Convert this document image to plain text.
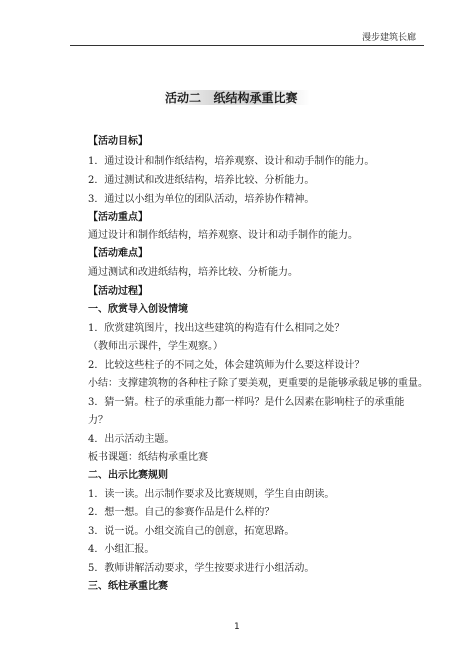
漫步建筑长廊
活动二   纸结构承重比赛
【活动目标】
1．通过设计和制作纸结构，培养观察、设计和动手制作的能力。
2．通过测试和改进纸结构，培养比较、分析能力。
3．通过以小组为单位的团队活动，培养协作精神。
【活动重点】
通过设计和制作纸结构，培养观察、设计和动手制作的能力。
【活动难点】
通过测试和改进纸结构，培养比较、分析能力。
【活动过程】
一、欣赏导入创设情境
1．欣赏建筑图片，找出这些建筑的构造有什么相同之处？
（教师出示课件，学生观察。）
2．比较这些柱子的不同之处，体会建筑师为什么要这样设计？
小结：支撑建筑物的各种柱子除了要美观，更重要的是能够承载足够的重量。
3．猜一猜。柱子的承重能力都一样吗？是什么因素在影响柱子的承重能
力？
4．出示活动主题。
板书课题：纸结构承重比赛
二、出示比赛规则
1．读一读。出示制作要求及比赛规则，学生自由朗读。
2．想一想。自己的参赛作品是什么样的？
3．说一说。小组交流自己的创意，拓宽思路。
4．小组汇报。
5．教师讲解活动要求，学生按要求进行小组活动。
三、纸柱承重比赛
1
